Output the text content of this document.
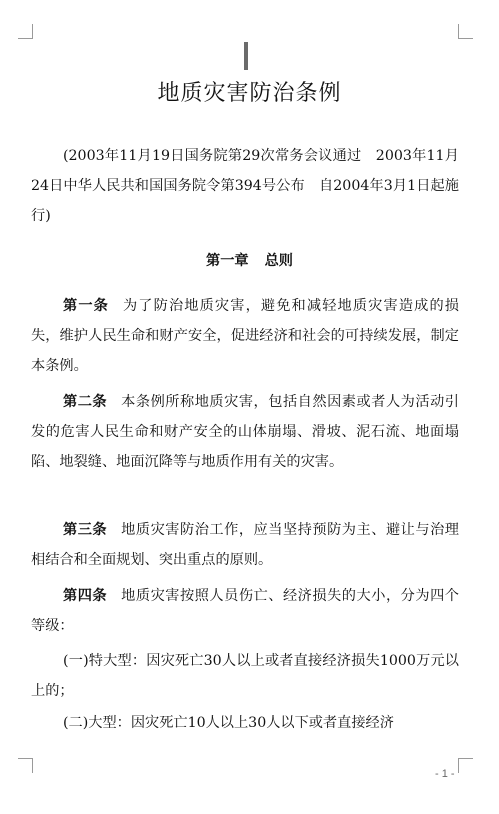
地质灾害防治条例
(2003年11月19日国务院第29次常务会议通过　2003年11月24日中华人民共和国国务院令第394号公布　自2004年3月1日起施行)
第一章 总则
第一条 为了防治地质灾害，避免和减轻地质灾害造成的损失，维护人民生命和财产安全，促进经济和社会的可持续发展，制定本条例。
第二条 本条例所称地质灾害，包括自然因素或者人为活动引发的危害人民生命和财产安全的山体崩塌、滑坡、泥石流、地面塌陷、地裂缝、地面沉降等与地质作用有关的灾害。
第三条 地质灾害防治工作，应当坚持预防为主、避让与治理相结合和全面规划、突出重点的原则。
第四条 地质灾害按照人员伤亡、经济损失的大小，分为四个等级：
(一)特大型：因灾死亡30人以上或者直接经济损失1000万元以上的；
(二)大型：因灾死亡10人以上30人以下或者直接经济
- 1 -
